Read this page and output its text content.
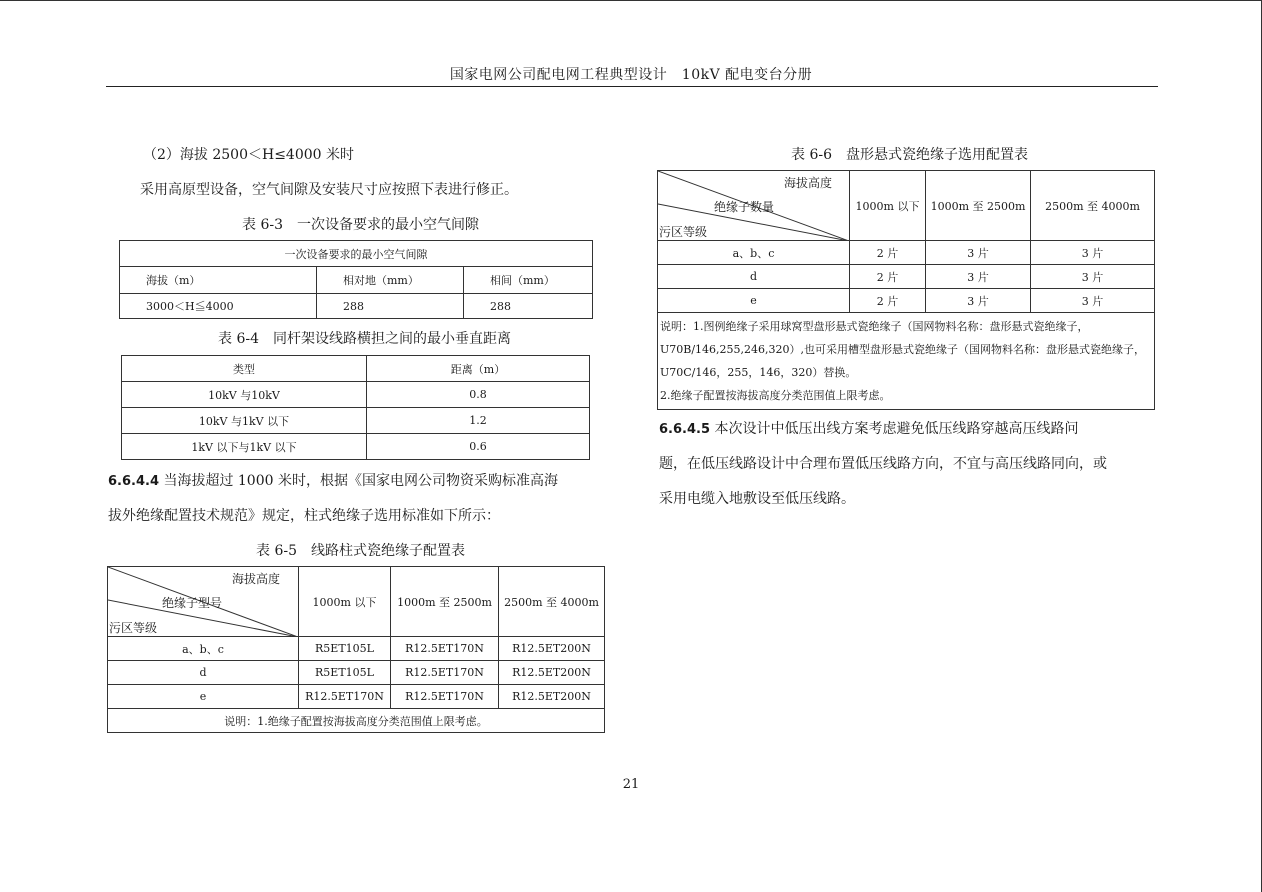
国家电网公司配电网工程典型设计　10kV 配电变台分册
（2）海拔 2500＜H≤4000 米时
采用高原型设备，空气间隙及安装尺寸应按照下表进行修正。
表 6-3　一次设备要求的最小空气间隙
一次设备要求的最小空气间隙		
海拔（m）	相对地（mm）	相间（mm）
3000＜H≦4000	288	288
表 6-4　同杆架设线路横担之间的最小垂直距离
类型	距离（m）
10kV 与10kV	0.8
10kV 与1kV 以下	1.2
1kV 以下与1kV 以下	0.6
6.6.4.4 当海拔超过 1000 米时，根据《国家电网公司物资采购标准高海
拔外绝缘配置技术规范》规定，柱式绝缘子选用标准如下所示：
表 6-5　线路柱式瓷绝缘子配置表
海拔高度
绝缘子型号
污区等级	1000m 以下	1000m 至 2500m	2500m 至 4000m
a、b、c	R5ET105L	R12.5ET170N	R12.5ET200N
d	R5ET105L	R12.5ET170N	R12.5ET200N
e	R12.5ET170N	R12.5ET170N	R12.5ET200N
说明：1.绝缘子配置按海拔高度分类范围值上限考虑。			
表 6-6　盘形悬式瓷绝缘子选用配置表
海拔高度
绝缘子数量
污区等级	1000m 以下	1000m 至 2500m	2500m 至 4000m
a、b、c	2 片	3 片	3 片
d	2 片	3 片	3 片
e	2 片	3 片	3 片

说明：1.图例绝缘子采用球窝型盘形悬式瓷绝缘子（国网物料名称：盘形悬式瓷绝缘子，U70B/146,255,246,320）,也可采用槽型盘形悬式瓷绝缘子（国网物料名称：盘形悬式瓷绝缘子，U70C/146，255，146，320）替换。
2.绝缘子配置按海拔高度分类范围值上限考虑。			
6.6.4.5 本次设计中低压出线方案考虑避免低压线路穿越高压线路问
题，在低压线路设计中合理布置低压线路方向，不宜与高压线路同向，或
采用电缆入地敷设至低压线路。
21
